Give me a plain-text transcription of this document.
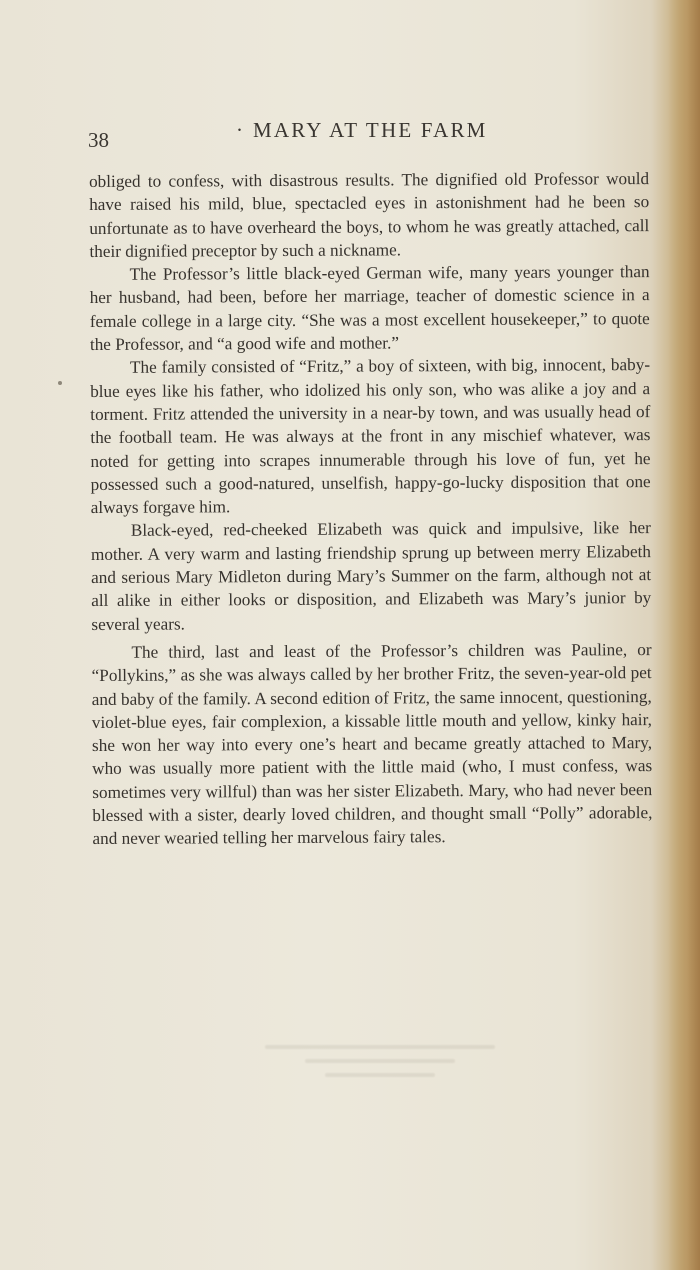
38
·	MARY AT THE FARM

obliged to confess, with disastrous results. The dignified old Professor would have raised his mild, blue, spectacled eyes in astonishment had he been so unfortunate as to have overheard the boys, to whom he was greatly attached, call their dignified preceptor by such a nickname.

The Professor’s little black-eyed German wife, many years younger than her husband, had been, before her marriage, teacher of domestic science in a female college in a large city. “She was a most excellent housekeeper,” to quote the Professor, and “a good wife and mother.”

The family consisted of “Fritz,” a boy of sixteen, with big, innocent, baby-blue eyes like his father, who idolized his only son, who was alike a joy and a torment. Fritz attended the university in a near-by town, and was usually head of the football team. He was always at the front in any mischief whatever, was noted for getting into scrapes innumerable through his love of fun, yet he possessed such a good-natured, unselfish, happy-go-lucky disposition that one always forgave him.

Black-eyed, red-cheeked Elizabeth was quick and impulsive, like her mother. A very warm and lasting friendship sprung up between merry Elizabeth and serious Mary Midleton during Mary’s Summer on the farm, although not at all alike in either looks or disposition, and Elizabeth was Mary’s junior by several years.

The third, last and least of the Professor’s children was Pauline, or “Pollykins,” as she was always called by her brother Fritz, the seven-year-old pet and baby of the family. A second edition of Fritz, the same innocent, questioning, violet-blue eyes, fair complexion, a kissable little mouth and yellow, kinky hair, she won her way into every one’s heart and became greatly attached to Mary, who was usually more patient with the little maid (who, I must confess, was sometimes very willful) than was her sister Elizabeth. Mary, who had never been blessed with a sister, dearly loved children, and thought small “Polly” adorable, and never wearied telling her marvelous fairy tales.
